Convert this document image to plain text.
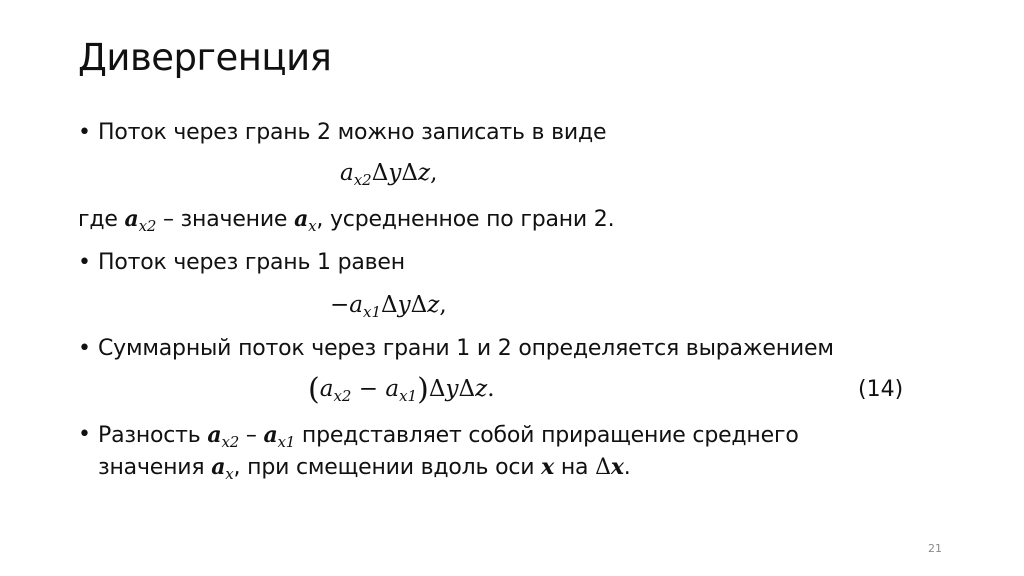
Дивергенция
• Поток через грань 2 можно записать в виде
$a_{x2}\Delta y\Delta z$,
где $a_{x2}$ – значение $a_x$, усредненное по грани 2.
• Поток через грань 1 равен
$-a_{x1}\Delta y\Delta z$,
• Суммарный поток через грани 1 и 2 определяется выражением
$(a_{x2} - a_{x1})\Delta y\Delta z$.	(14)
• Разность $a_{x2} - a_{x1}$ представляет собой приращение среднего
значения $a_x$, при смещении вдоль оси x на Δx.
21
